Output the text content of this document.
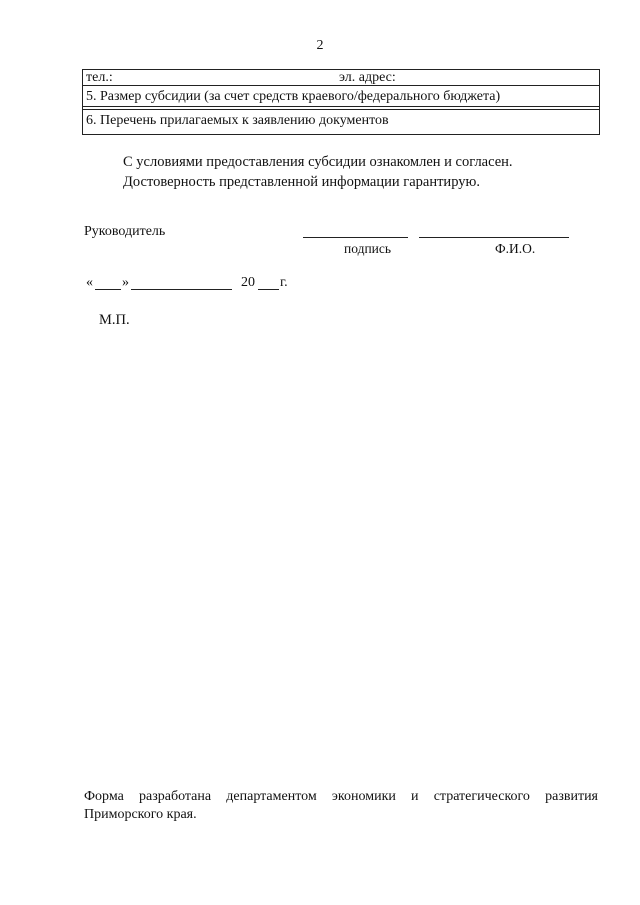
2
тел.:	эл. адрес:
5. Размер субсидии (за счет средств краевого/федерального бюджета)
6. Перечень прилагаемых к заявлению документов
С условиями предоставления субсидии ознакомлен и согласен.
Достоверность представленной информации гарантирую.
Руководитель
подпись	Ф.И.О.
« »	20 г.
М.П.
Форма разработана департаментом экономики и стратегического развития
Приморского края.
